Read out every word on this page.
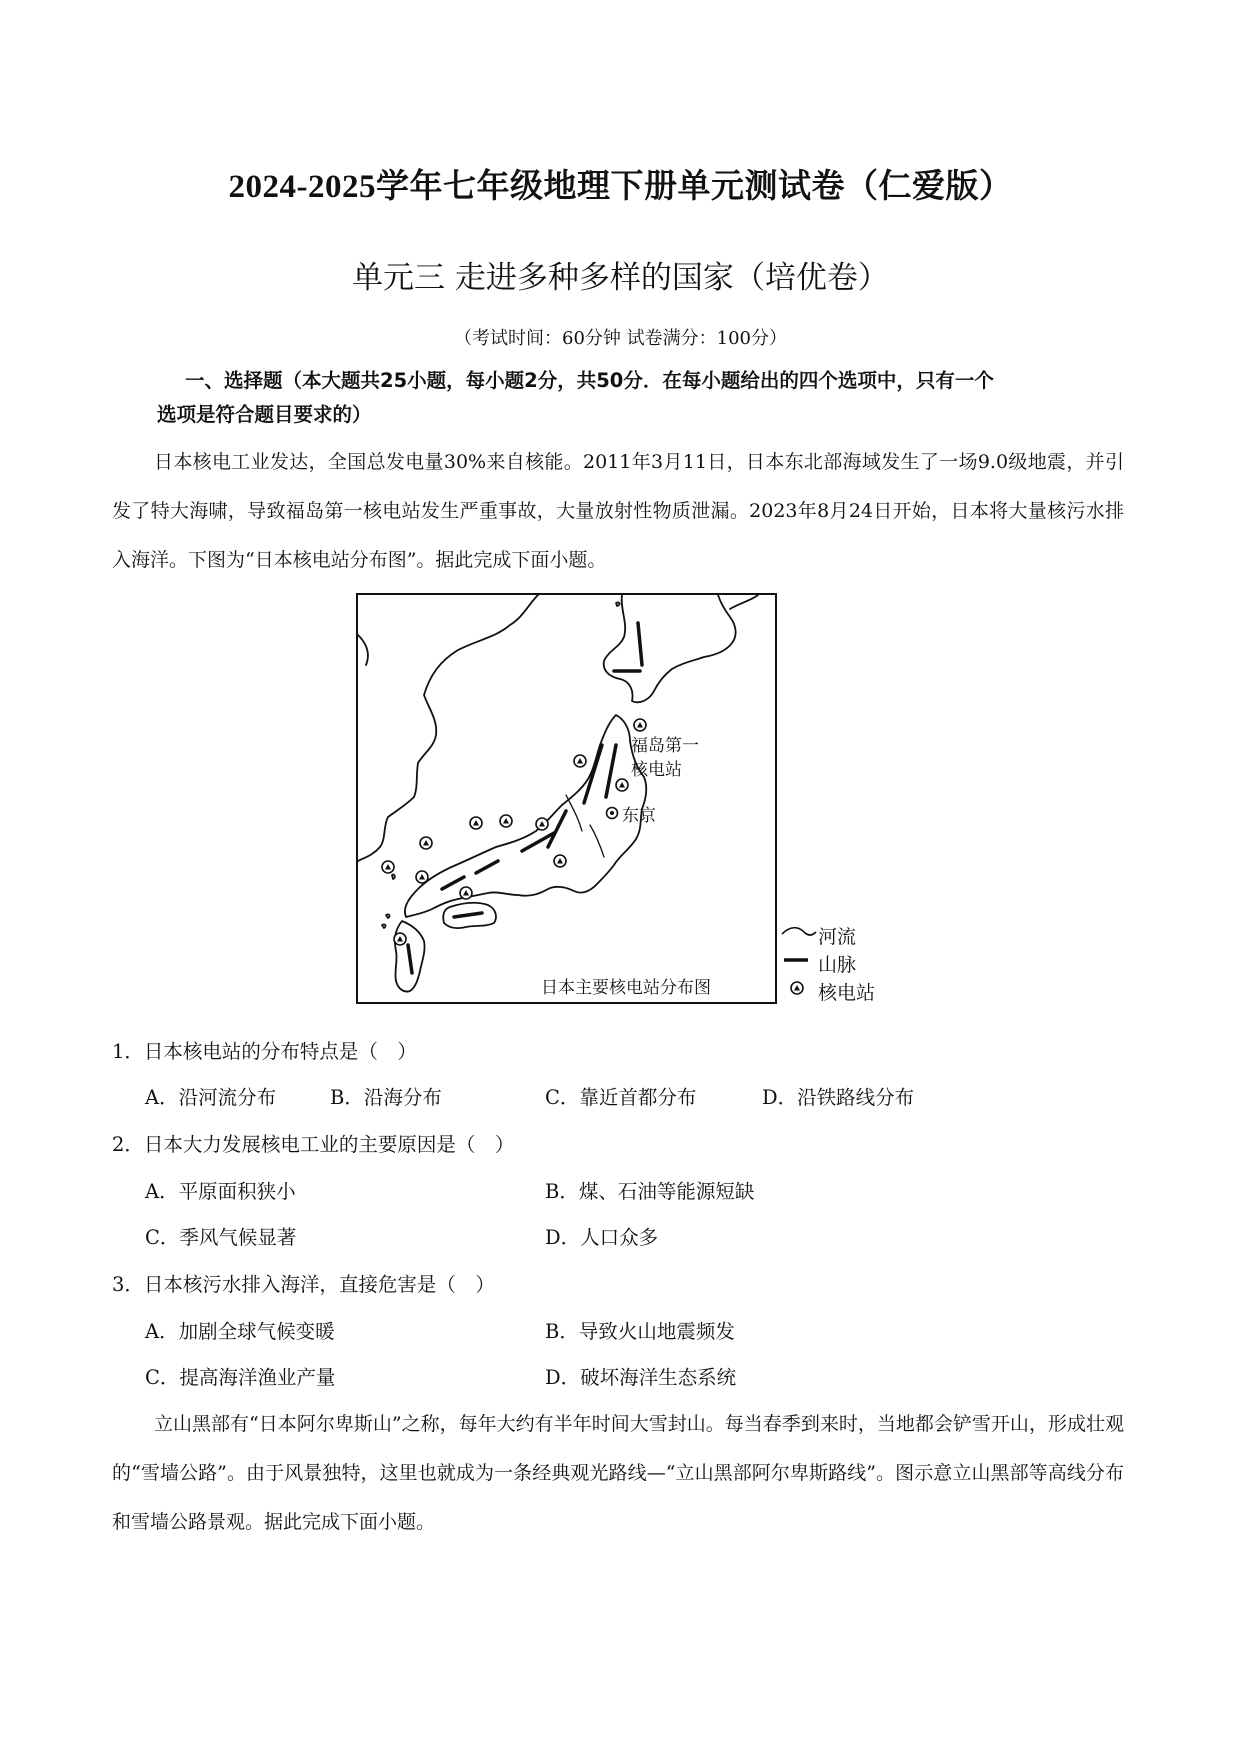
2024-2025学年七年级地理下册单元测试卷（仁爱版）
单元三 走进多种多样的国家（培优卷）
（考试时间：60分钟 试卷满分：100分）
一、选择题（本大题共25小题，每小题2分，共50分．在每小题给出的四个选项中，只有一个
选项是符合题目要求的）
日本核电工业发达，全国总发电量30%来自核能。2011年3月11日，日本东北部海域发生了一场9.0级地震，并引发了特大海啸，导致福岛第一核电站发生严重事故，大量放射性物质泄漏。2023年8月24日开始，日本将大量核污水排入海洋。下图为“日本核电站分布图”。据此完成下面小题。
福岛第一
核电站
东京
日本主要核电站分布图
河流
山脉
核电站
1．日本核电站的分布特点是（　）
A．沿河流分布	B．沿海分布	C．靠近首都分布	D．沿铁路线分布
2．日本大力发展核电工业的主要原因是（　）
A．平原面积狭小	B．煤、石油等能源短缺
C．季风气候显著	D．人口众多
3．日本核污水排入海洋，直接危害是（　）
A．加剧全球气候变暖	B．导致火山地震频发
C．提高海洋渔业产量	D．破坏海洋生态系统
立山黑部有“日本阿尔卑斯山”之称，每年大约有半年时间大雪封山。每当春季到来时，当地都会铲雪开山，形成壮观的“雪墙公路”。由于风景独特，这里也就成为一条经典观光路线—“立山黑部阿尔卑斯路线”。图示意立山黑部等高线分布和雪墙公路景观。据此完成下面小题。
